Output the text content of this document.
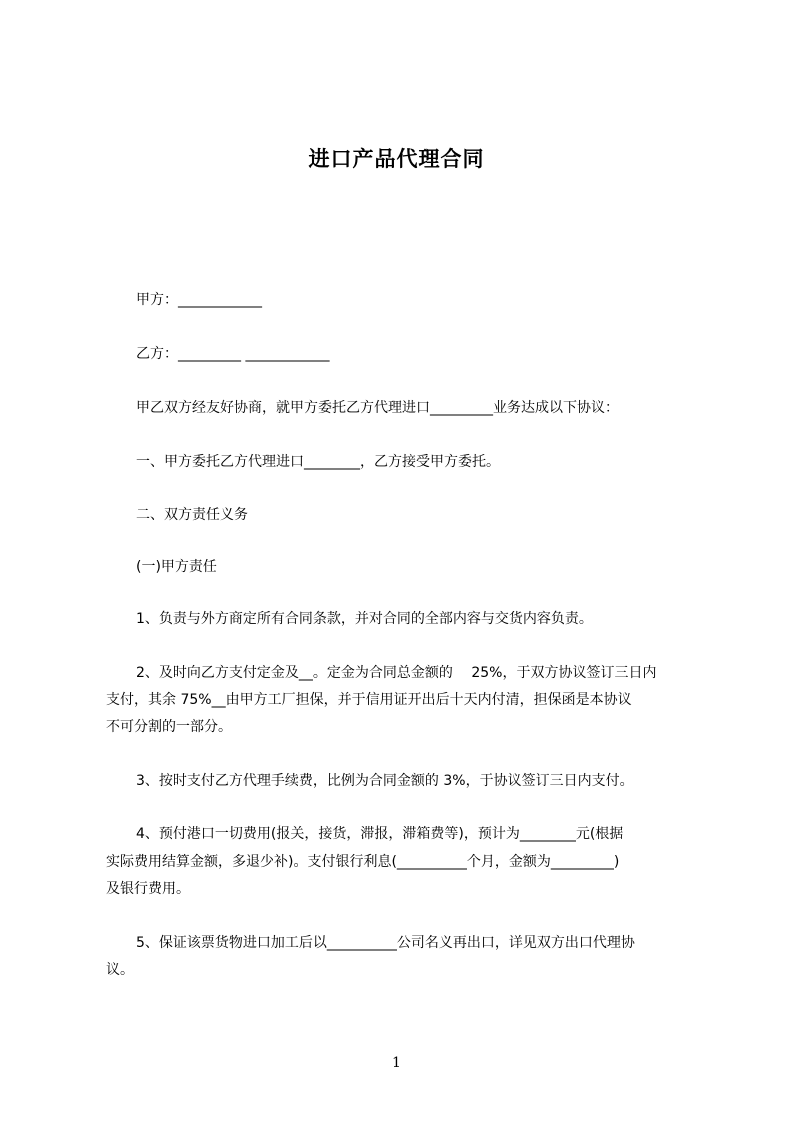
进口产品代理合同
甲方：____________
乙方：_________ ____________
甲乙双方经友好协商，就甲方委托乙方代理进口_________业务达成以下协议：
一、甲方委托乙方代理进口________，乙方接受甲方委托。
二、双方责任义务
(一)甲方责任
1、负责与外方商定所有合同条款，并对合同的全部内容与交货内容负责。
2、及时向乙方支付定金及__。定金为合同总金额的　 25%，于双方协议签订三日内
支付，其余 75%__由甲方工厂担保，并于信用证开出后十天内付清，担保函是本协议
不可分割的一部分。
3、按时支付乙方代理手续费，比例为合同金额的 3%，于协议签订三日内支付。
4、预付港口一切费用(报关，接货，滞报，滞箱费等)，预计为________元(根据
实际费用结算金额，多退少补)。支付银行利息(__________个月，金额为_________)
及银行费用。
5、保证该票货物进口加工后以__________公司名义再出口，详见双方出口代理协
议。
1
